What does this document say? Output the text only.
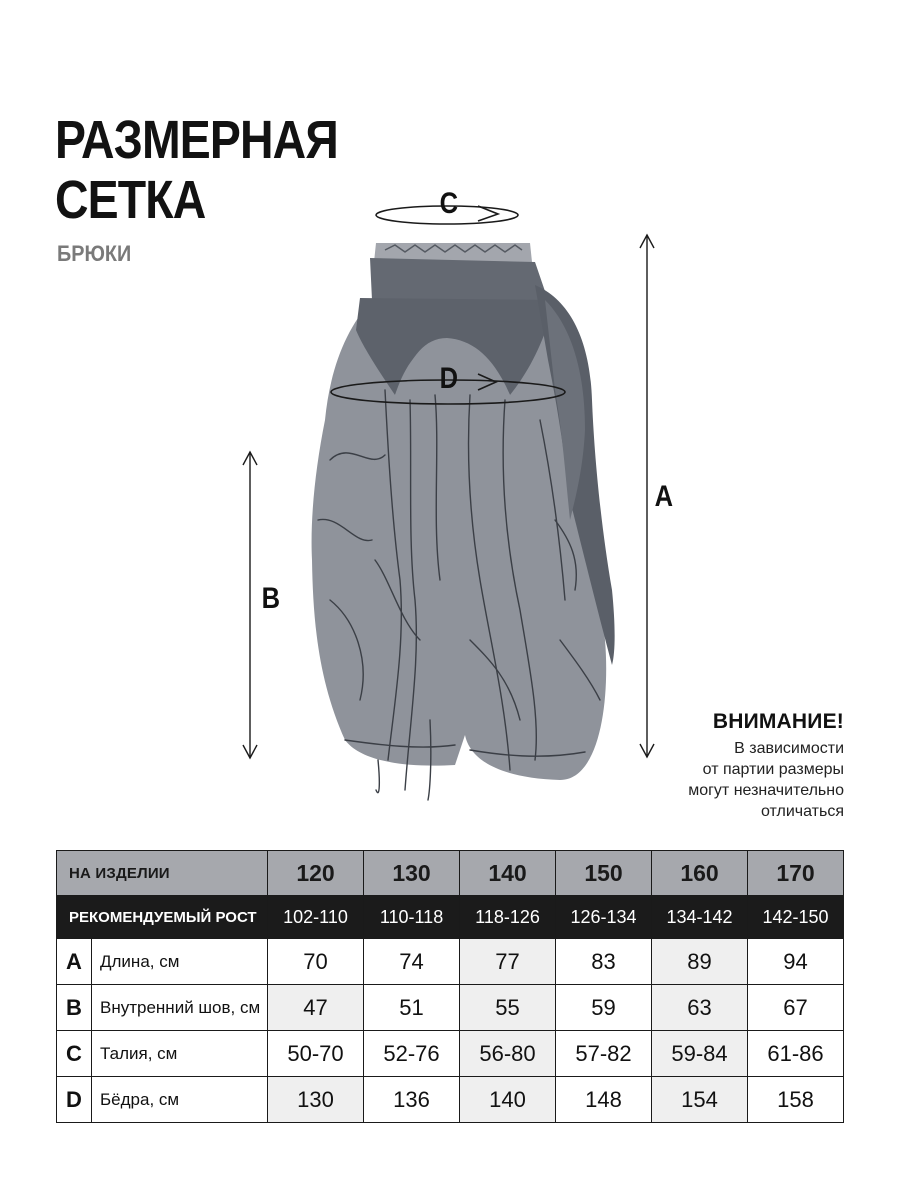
РАЗМЕРНАЯ
СЕТКА
БРЮКИ
C
D
A
B
ВНИМАНИЕ!
В зависимости
от партии размеры
могут незначительно
отличаться
НА ИЗДЕЛИИ		120	130	140	150	160	170
РЕКОМЕНДУЕМЫЙ РОСТ		102-110	110-118	118-126	126-134	134-142	142-150
A	Длина, см	70	74	77	83	89	94
B	Внутренний шов, см	47	51	55	59	63	67
C	Талия, см	50-70	52-76	56-80	57-82	59-84	61-86
D	Бёдра, см	130	136	140	148	154	158
